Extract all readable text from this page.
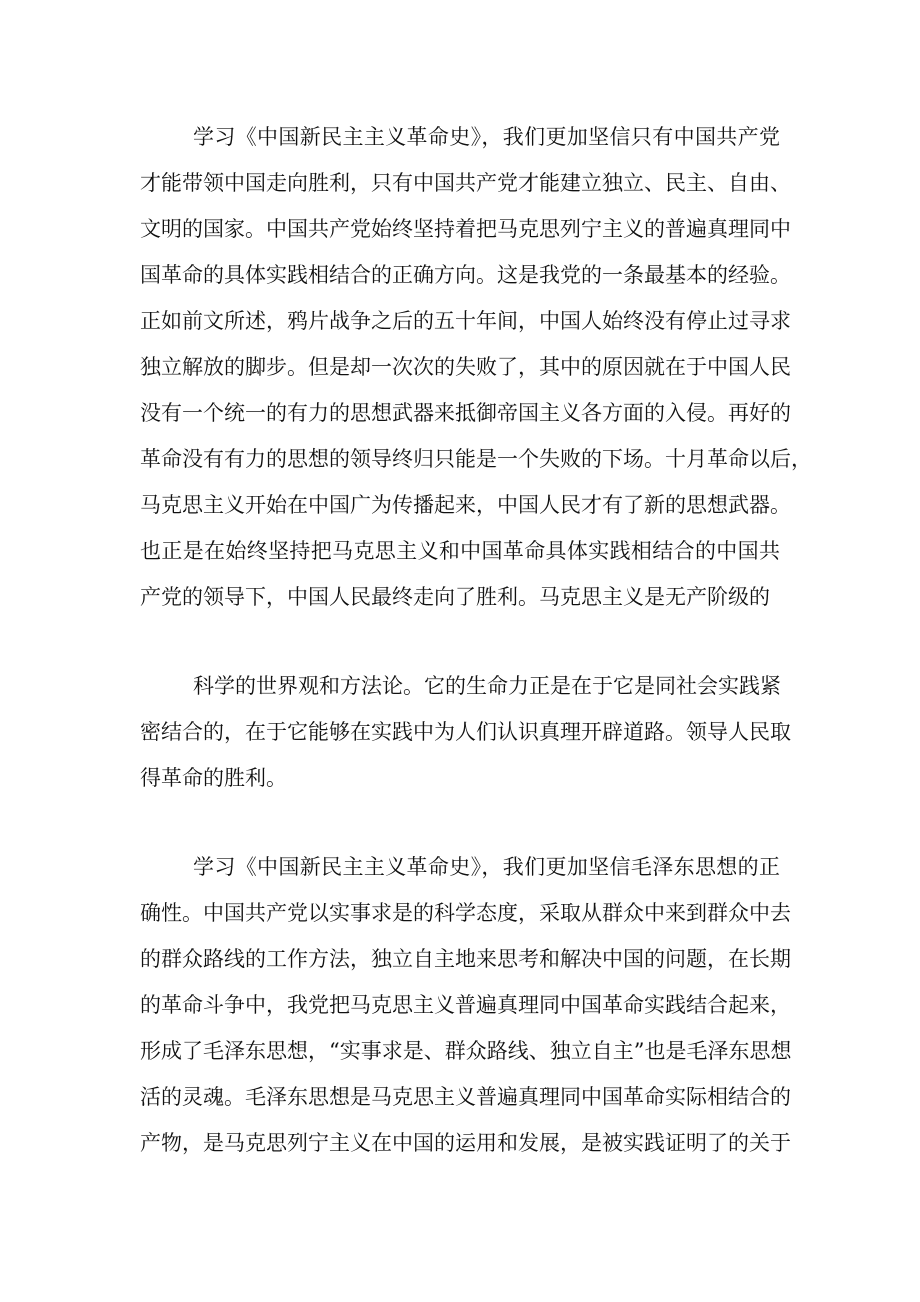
学习《中国新民主主义革命史》，我们更加坚信只有中国共产党
才能带领中国走向胜利，只有中国共产党才能建立独立、民主、自由、
文明的国家。中国共产党始终坚持着把马克思列宁主义的普遍真理同中
国革命的具体实践相结合的正确方向。这是我党的一条最基本的经验。
正如前文所述，鸦片战争之后的五十年间，中国人始终没有停止过寻求
独立解放的脚步。但是却一次次的失败了，其中的原因就在于中国人民
没有一个统一的有力的思想武器来抵御帝国主义各方面的入侵。再好的
革命没有有力的思想的领导终归只能是一个失败的下场。十月革命以后，
马克思主义开始在中国广为传播起来，中国人民才有了新的思想武器。
也正是在始终坚持把马克思主义和中国革命具体实践相结合的中国共
产党的领导下，中国人民最终走向了胜利。马克思主义是无产阶级的
科学的世界观和方法论。它的生命力正是在于它是同社会实践紧
密结合的，在于它能够在实践中为人们认识真理开辟道路。领导人民取
得革命的胜利。
学习《中国新民主主义革命史》，我们更加坚信毛泽东思想的正
确性。中国共产党以实事求是的科学态度，采取从群众中来到群众中去
的群众路线的工作方法，独立自主地来思考和解决中国的问题，在长期
的革命斗争中，我党把马克思主义普遍真理同中国革命实践结合起来，
形成了毛泽东思想，“实事求是、群众路线、独立自主”也是毛泽东思想
活的灵魂。毛泽东思想是马克思主义普遍真理同中国革命实际相结合的
产物，是马克思列宁主义在中国的运用和发展，是被实践证明了的关于
